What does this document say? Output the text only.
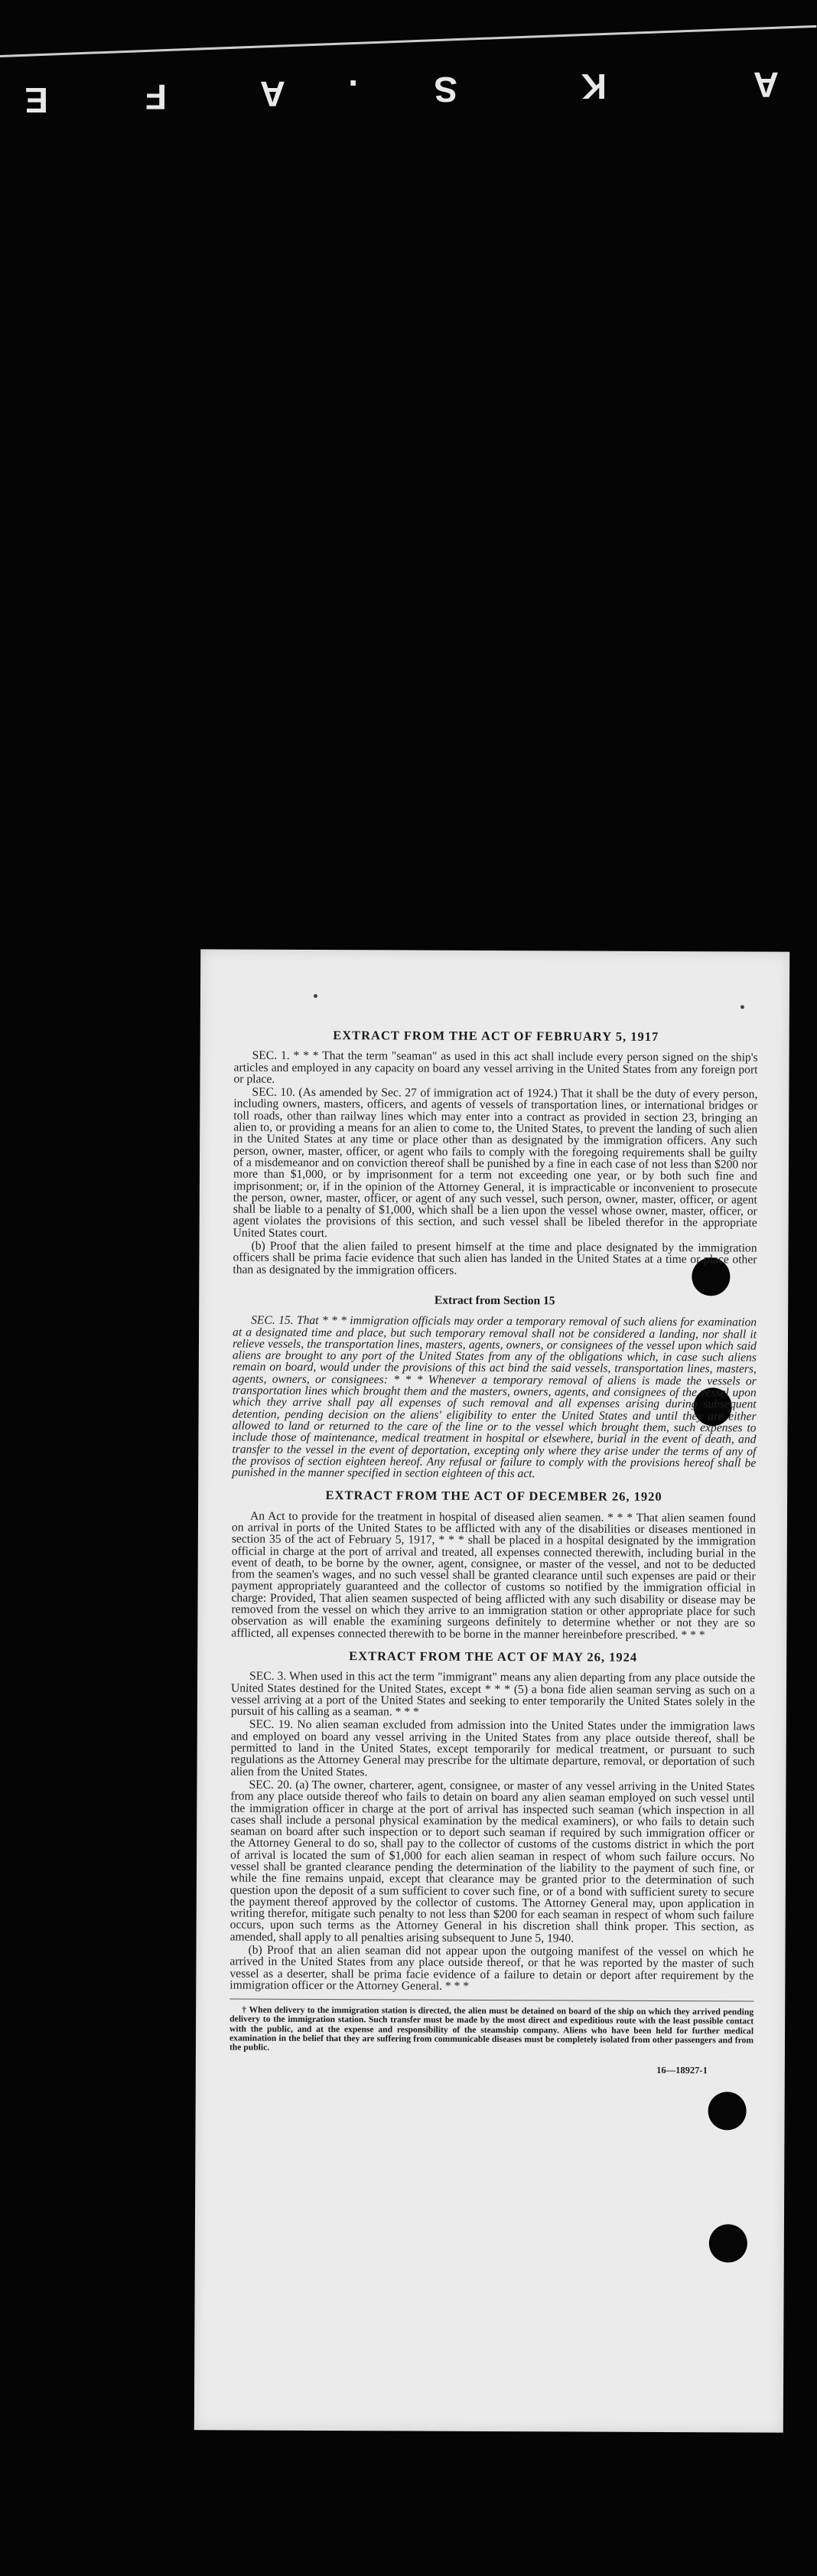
A
K
S
.
A
F
E
EXTRACT FROM THE ACT OF FEBRUARY 5, 1917

SEC. 1. * * * That the term "seaman" as used in this act shall include every person signed on the ship's articles and employed in any capacity on board any vessel arriving in the United States from any foreign port or place.

SEC. 10. (As amended by Sec. 27 of immigration act of 1924.) That it shall be the duty of every person, including owners, masters, officers, and agents of vessels of transportation lines, or international bridges or toll roads, other than railway lines which may enter into a contract as provided in section 23, bringing an alien to, or providing a means for an alien to come to, the United States, to prevent the landing of such alien in the United States at any time or place other than as designated by the immigration officers. Any such person, owner, master, officer, or agent who fails to comply with the foregoing requirements shall be guilty of a misdemeanor and on conviction thereof shall be punished by a fine in each case of not less than $200 nor more than $1,000, or by imprisonment for a term not exceeding one year, or by both such fine and imprisonment; or, if in the opinion of the Attorney General, it is impracticable or inconvenient to prosecute the person, owner, master, officer, or agent of any such vessel, such person, owner, master, officer, or agent shall be liable to a penalty of $1,000, which shall be a lien upon the vessel whose owner, master, officer, or agent violates the provisions of this section, and such vessel shall be libeled therefor in the appropriate United States court.

(b) Proof that the alien failed to present himself at the time and place designated by the immigration officers shall be prima facie evidence that such alien has landed in the United States at a time or place other than as designated by the immigration officers.

Extract from Section 15

SEC. 15. That * * * immigration officials may order a temporary removal of such aliens for examination at a designated time and place, but such temporary removal shall not be considered a landing, nor shall it relieve vessels, the transportation lines, masters, agents, owners, or consignees of the vessel upon which said aliens are brought to any port of the United States from any of the obligations which, in case such aliens remain on board, would under the provisions of this act bind the said vessels, transportation lines, masters, agents, owners, or consignees: * * * Whenever a temporary removal of aliens is made the vessels or transportation lines which brought them and the masters, owners, agents, and consignees of the vessel upon which they arrive shall pay all expenses of such removal and all expenses arising during subsequent detention, pending decision on the aliens' eligibility to enter the United States and until they are either allowed to land or returned to the care of the line or to the vessel which brought them, such expenses to include those of maintenance, medical treatment in hospital or elsewhere, burial in the event of death, and transfer to the vessel in the event of deportation, excepting only where they arise under the terms of any of the provisos of section eighteen hereof. Any refusal or failure to comply with the provisions hereof shall be punished in the manner specified in section eighteen of this act.

EXTRACT FROM THE ACT OF DECEMBER 26, 1920

An Act to provide for the treatment in hospital of diseased alien seamen. * * * That alien seamen found on arrival in ports of the United States to be afflicted with any of the disabilities or diseases mentioned in section 35 of the act of February 5, 1917, * * * shall be placed in a hospital designated by the immigration official in charge at the port of arrival and treated, all expenses connected therewith, including burial in the event of death, to be borne by the owner, agent, consignee, or master of the vessel, and not to be deducted from the seamen's wages, and no such vessel shall be granted clearance until such expenses are paid or their payment appropriately guaranteed and the collector of customs so notified by the immigration official in charge: Provided, That alien seamen suspected of being afflicted with any such disability or disease may be removed from the vessel on which they arrive to an immigration station or other appropriate place for such observation as will enable the examining surgeons definitely to determine whether or not they are so afflicted, all expenses connected therewith to be borne in the manner hereinbefore prescribed. * * *

EXTRACT FROM THE ACT OF MAY 26, 1924

SEC. 3. When used in this act the term "immigrant" means any alien departing from any place outside the United States destined for the United States, except * * * (5) a bona fide alien seaman serving as such on a vessel arriving at a port of the United States and seeking to enter temporarily the United States solely in the pursuit of his calling as a seaman. * * *

SEC. 19. No alien seaman excluded from admission into the United States under the immigration laws and employed on board any vessel arriving in the United States from any place outside thereof, shall be permitted to land in the United States, except temporarily for medical treatment, or pursuant to such regulations as the Attorney General may prescribe for the ultimate departure, removal, or deportation of such alien from the United States.

SEC. 20. (a) The owner, charterer, agent, consignee, or master of any vessel arriving in the United States from any place outside thereof who fails to detain on board any alien seaman employed on such vessel until the immigration officer in charge at the port of arrival has inspected such seaman (which inspection in all cases shall include a personal physical examination by the medical examiners), or who fails to detain such seaman on board after such inspection or to deport such seaman if required by such immigration officer or the Attorney General to do so, shall pay to the collector of customs of the customs district in which the port of arrival is located the sum of $1,000 for each alien seaman in respect of whom such failure occurs. No vessel shall be granted clearance pending the determination of the liability to the payment of such fine, or while the fine remains unpaid, except that clearance may be granted prior to the determination of such question upon the deposit of a sum sufficient to cover such fine, or of a bond with sufficient surety to secure the payment thereof approved by the collector of customs. The Attorney General may, upon application in writing therefor, mitigate such penalty to not less than $200 for each seaman in respect of whom such failure occurs, upon such terms as the Attorney General in his discretion shall think proper. This section, as amended, shall apply to all penalties arising subsequent to June 5, 1940.

(b) Proof that an alien seaman did not appear upon the outgoing manifest of the vessel on which he arrived in the United States from any place outside thereof, or that he was reported by the master of such vessel as a deserter, shall be prima facie evidence of a failure to detain or deport after requirement by the immigration officer or the Attorney General. * * *

† When delivery to the immigration station is directed, the alien must be detained on board of the ship on which they arrived pending delivery to the immigration station. Such transfer must be made by the most direct and expeditious route with the least possible contact with the public, and at the expense and responsibility of the steamship company. Aliens who have been held for further medical examination in the belief that they are suffering from communicable diseases must be completely isolated from other passengers and from the public.

16—18927-1
